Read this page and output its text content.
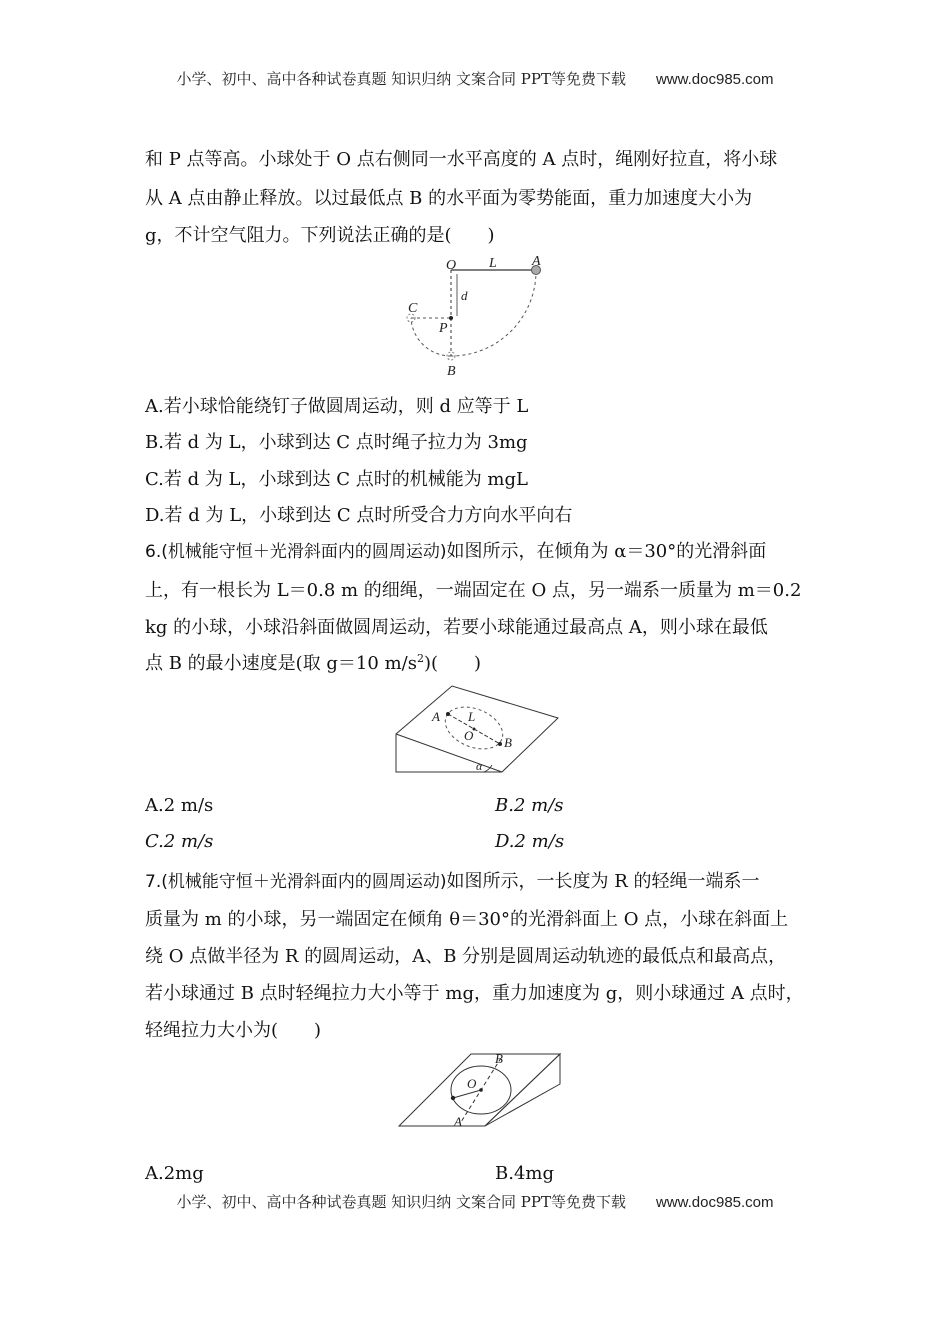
小学、初中、高中各种试卷真题 知识归纳 文案合同 PPT等免费下载 www.doc985.com
和 P 点等高。小球处于 O 点右侧同一水平高度的 A 点时，绳刚好拉直，将小球
从 A 点由静止释放。以过最低点 B 的水平面为零势能面，重力加速度大小为
g，不计空气阻力。下列说法正确的是(　　)
O L	A
d
C
P
B
A.若小球恰能绕钉子做圆周运动，则 d 应等于 L
B.若 d 为 L，小球到达 C 点时绳子拉力为 3mg
C.若 d 为 L，小球到达 C 点时的机械能为 mgL
D.若 d 为 L，小球到达 C 点时所受合力方向水平向右
6.(机械能守恒＋光滑斜面内的圆周运动)如图所示，在倾角为 α＝30°的光滑斜面
上，有一根长为 L＝0.8 m 的细绳，一端固定在 O 点，另一端系一质量为 m＝0.2
kg 的小球，小球沿斜面做圆周运动，若要小球能通过最高点 A，则小球在最低
点 B 的最小速度是(取 g＝10 $m/s^2$)(　　)
A L
O B
α
A.2 m/s	B.2 m/s
C.2 m/s	D.2 m/s
7.(机械能守恒＋光滑斜面内的圆周运动)如图所示，一长度为 R 的轻绳一端系一
质量为 m 的小球，另一端固定在倾角 θ＝30°的光滑斜面上 O 点，小球在斜面上
绕 O 点做半径为 R 的圆周运动，A、B 分别是圆周运动轨迹的最低点和最高点，
若小球通过 B 点时轻绳拉力大小等于 mg，重力加速度为 g，则小球通过 A 点时，
轻绳拉力大小为(　　)
B
O
A
A.2mg	B.4mg
小学、初中、高中各种试卷真题 知识归纳 文案合同 PPT等免费下载 www.doc985.com
